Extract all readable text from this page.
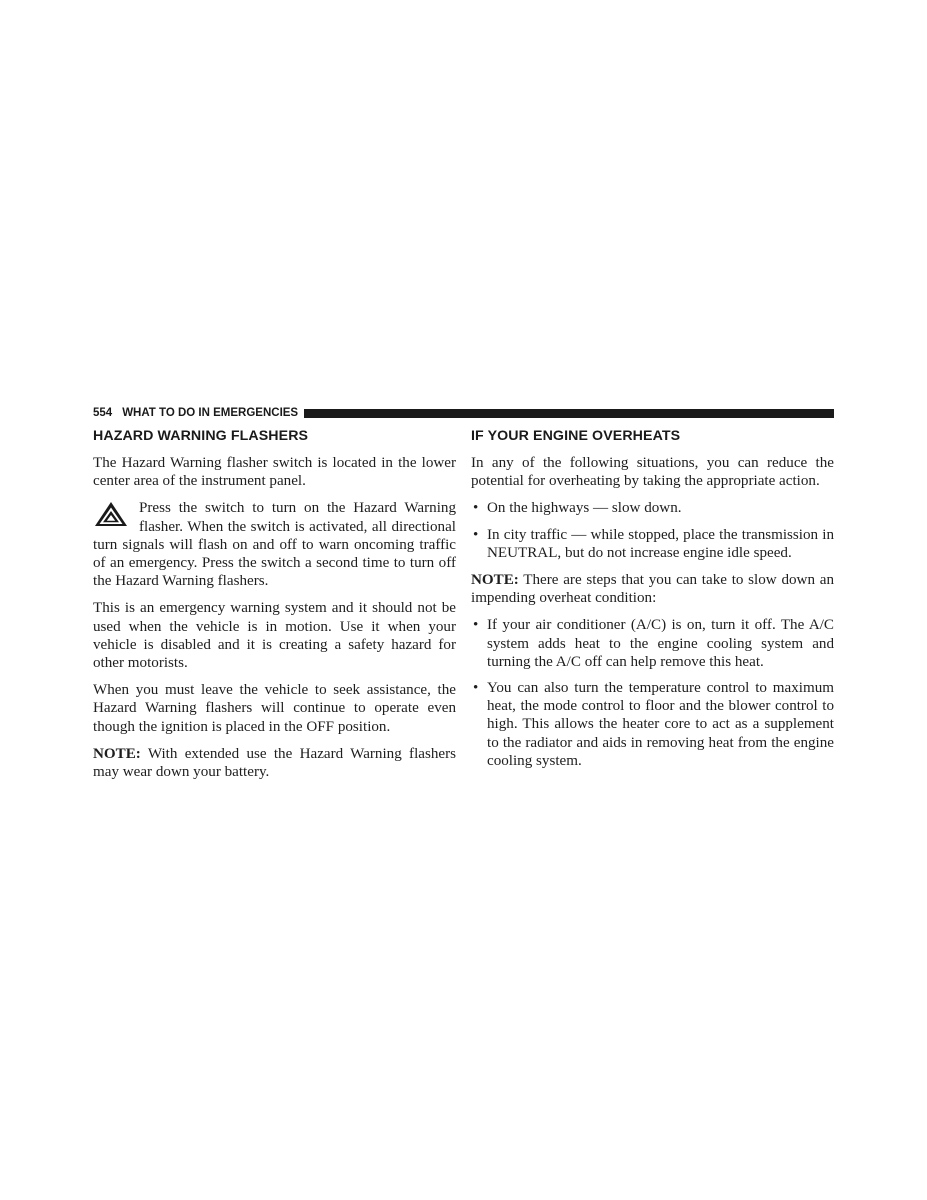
554 WHAT TO DO IN EMERGENCIES
HAZARD WARNING FLASHERS

The Hazard Warning flasher switch is located in the lower center area of the instrument panel.

Press the switch to turn on the Hazard Warning flasher. When the switch is activated, all directional turn signals will flash on and off to warn oncoming traffic of an emergency. Press the switch a second time to turn off the Hazard Warning flashers.

This is an emergency warning system and it should not be used when the vehicle is in motion. Use it when your vehicle is disabled and it is creating a safety hazard for other motorists.

When you must leave the vehicle to seek assistance, the Hazard Warning flashers will continue to operate even though the ignition is placed in the OFF position.

NOTE: With extended use the Hazard Warning flashers may wear down your battery.

IF YOUR ENGINE OVERHEATS

In any of the following situations, you can reduce the potential for overheating by taking the appropriate action.

• On the highways — slow down.
• In city traffic — while stopped, place the transmission in NEUTRAL, but do not increase engine idle speed.

NOTE: There are steps that you can take to slow down an impending overheat condition:

• If your air conditioner (A/C) is on, turn it off. The A/C system adds heat to the engine cooling system and turning the A/C off can help remove this heat.
• You can also turn the temperature control to maximum heat, the mode control to floor and the blower control to high. This allows the heater core to act as a supplement to the radiator and aids in removing heat from the engine cooling system.
